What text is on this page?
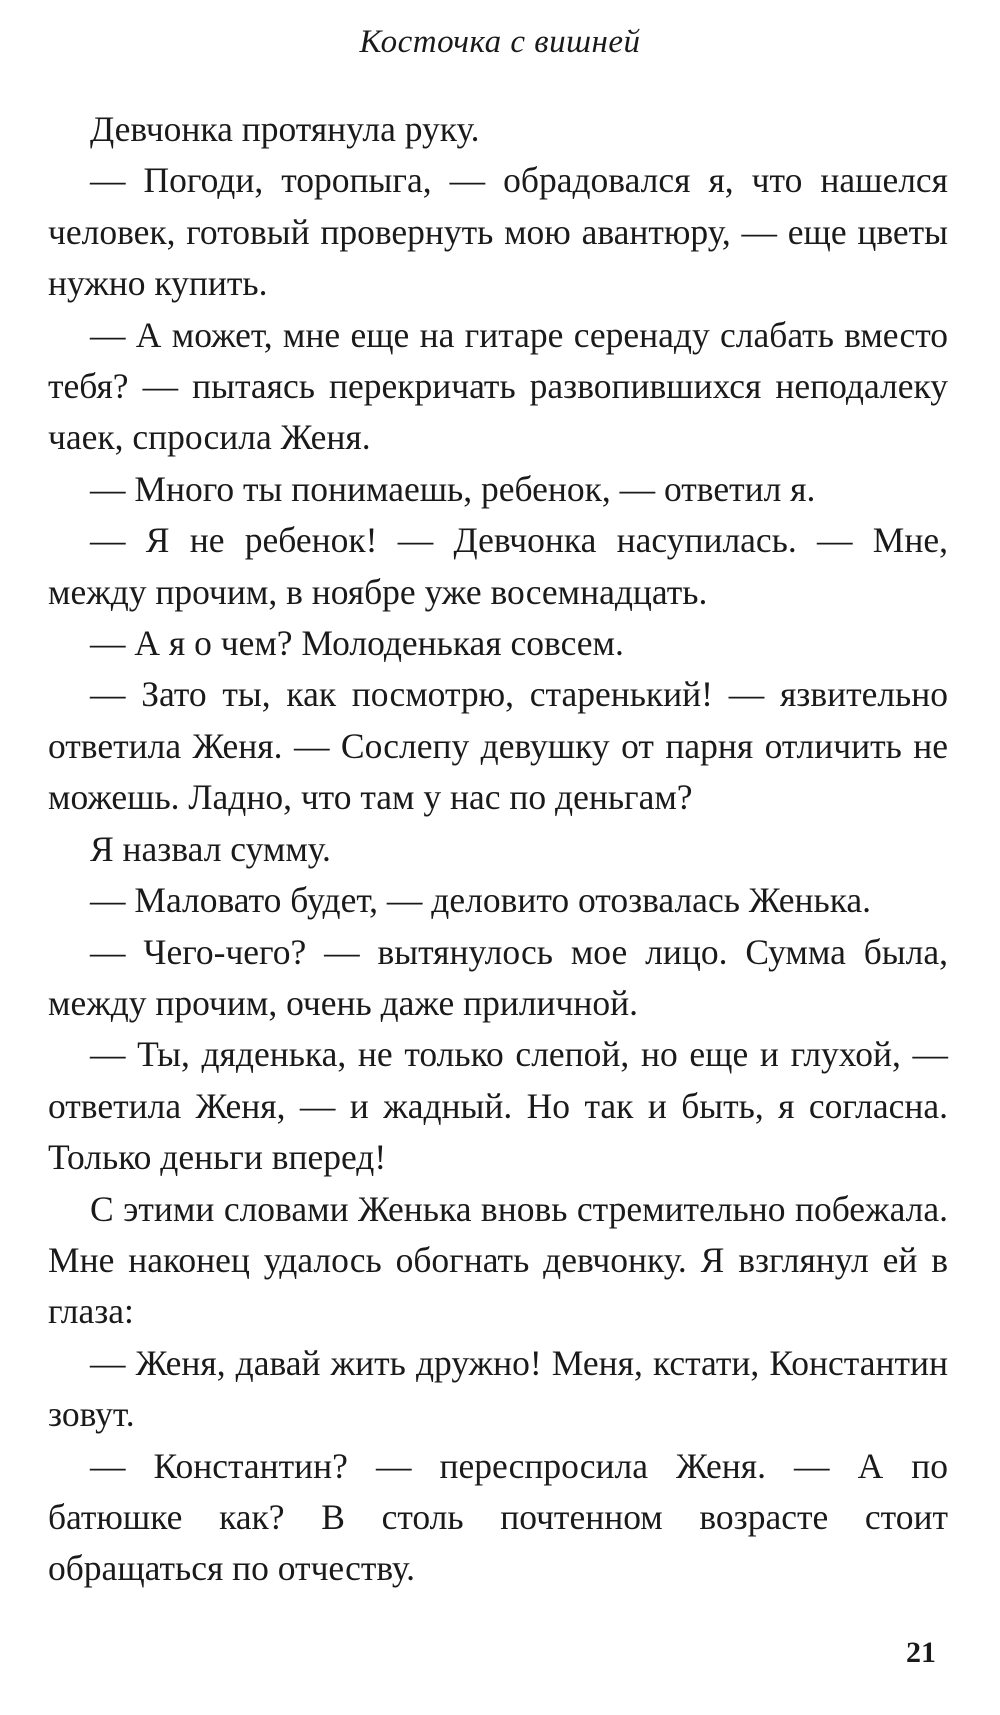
Косточка с вишней

Девчонка протянула руку.

— Погоди, торопыга, — обрадовался я, что нашелся человек, готовый провернуть мою авантюру, — еще цветы нужно купить.

— А может, мне еще на гитаре серенаду слабать вместо тебя? — пытаясь перекричать развопившихся неподалеку чаек, спросила Женя.

— Много ты понимаешь, ребенок, — ответил я.

— Я не ребенок! — Девчонка насупилась. — Мне, между прочим, в ноябре уже восемнадцать.

— А я о чем? Молоденькая совсем.

— Зато ты, как посмотрю, старенький! — язвительно ответила Женя. — Сослепу девушку от парня отличить не можешь. Ладно, что там у нас по деньгам?

Я назвал сумму.

— Маловато будет, — деловито отозвалась Женька.

— Чего-чего? — вытянулось мое лицо. Сумма была, между прочим, очень даже приличной.

— Ты, дяденька, не только слепой, но еще и глухой, — ответила Женя, — и жадный. Но так и быть, я согласна. Только деньги вперед!

С этими словами Женька вновь стремительно побежала. Мне наконец удалось обогнать девчонку. Я взглянул ей в глаза:

— Женя, давай жить дружно! Меня, кстати, Константин зовут.

— Константин? — переспросила Женя. — А по батюшке как? В столь почтенном возрасте стоит обращаться по отчеству.

21
